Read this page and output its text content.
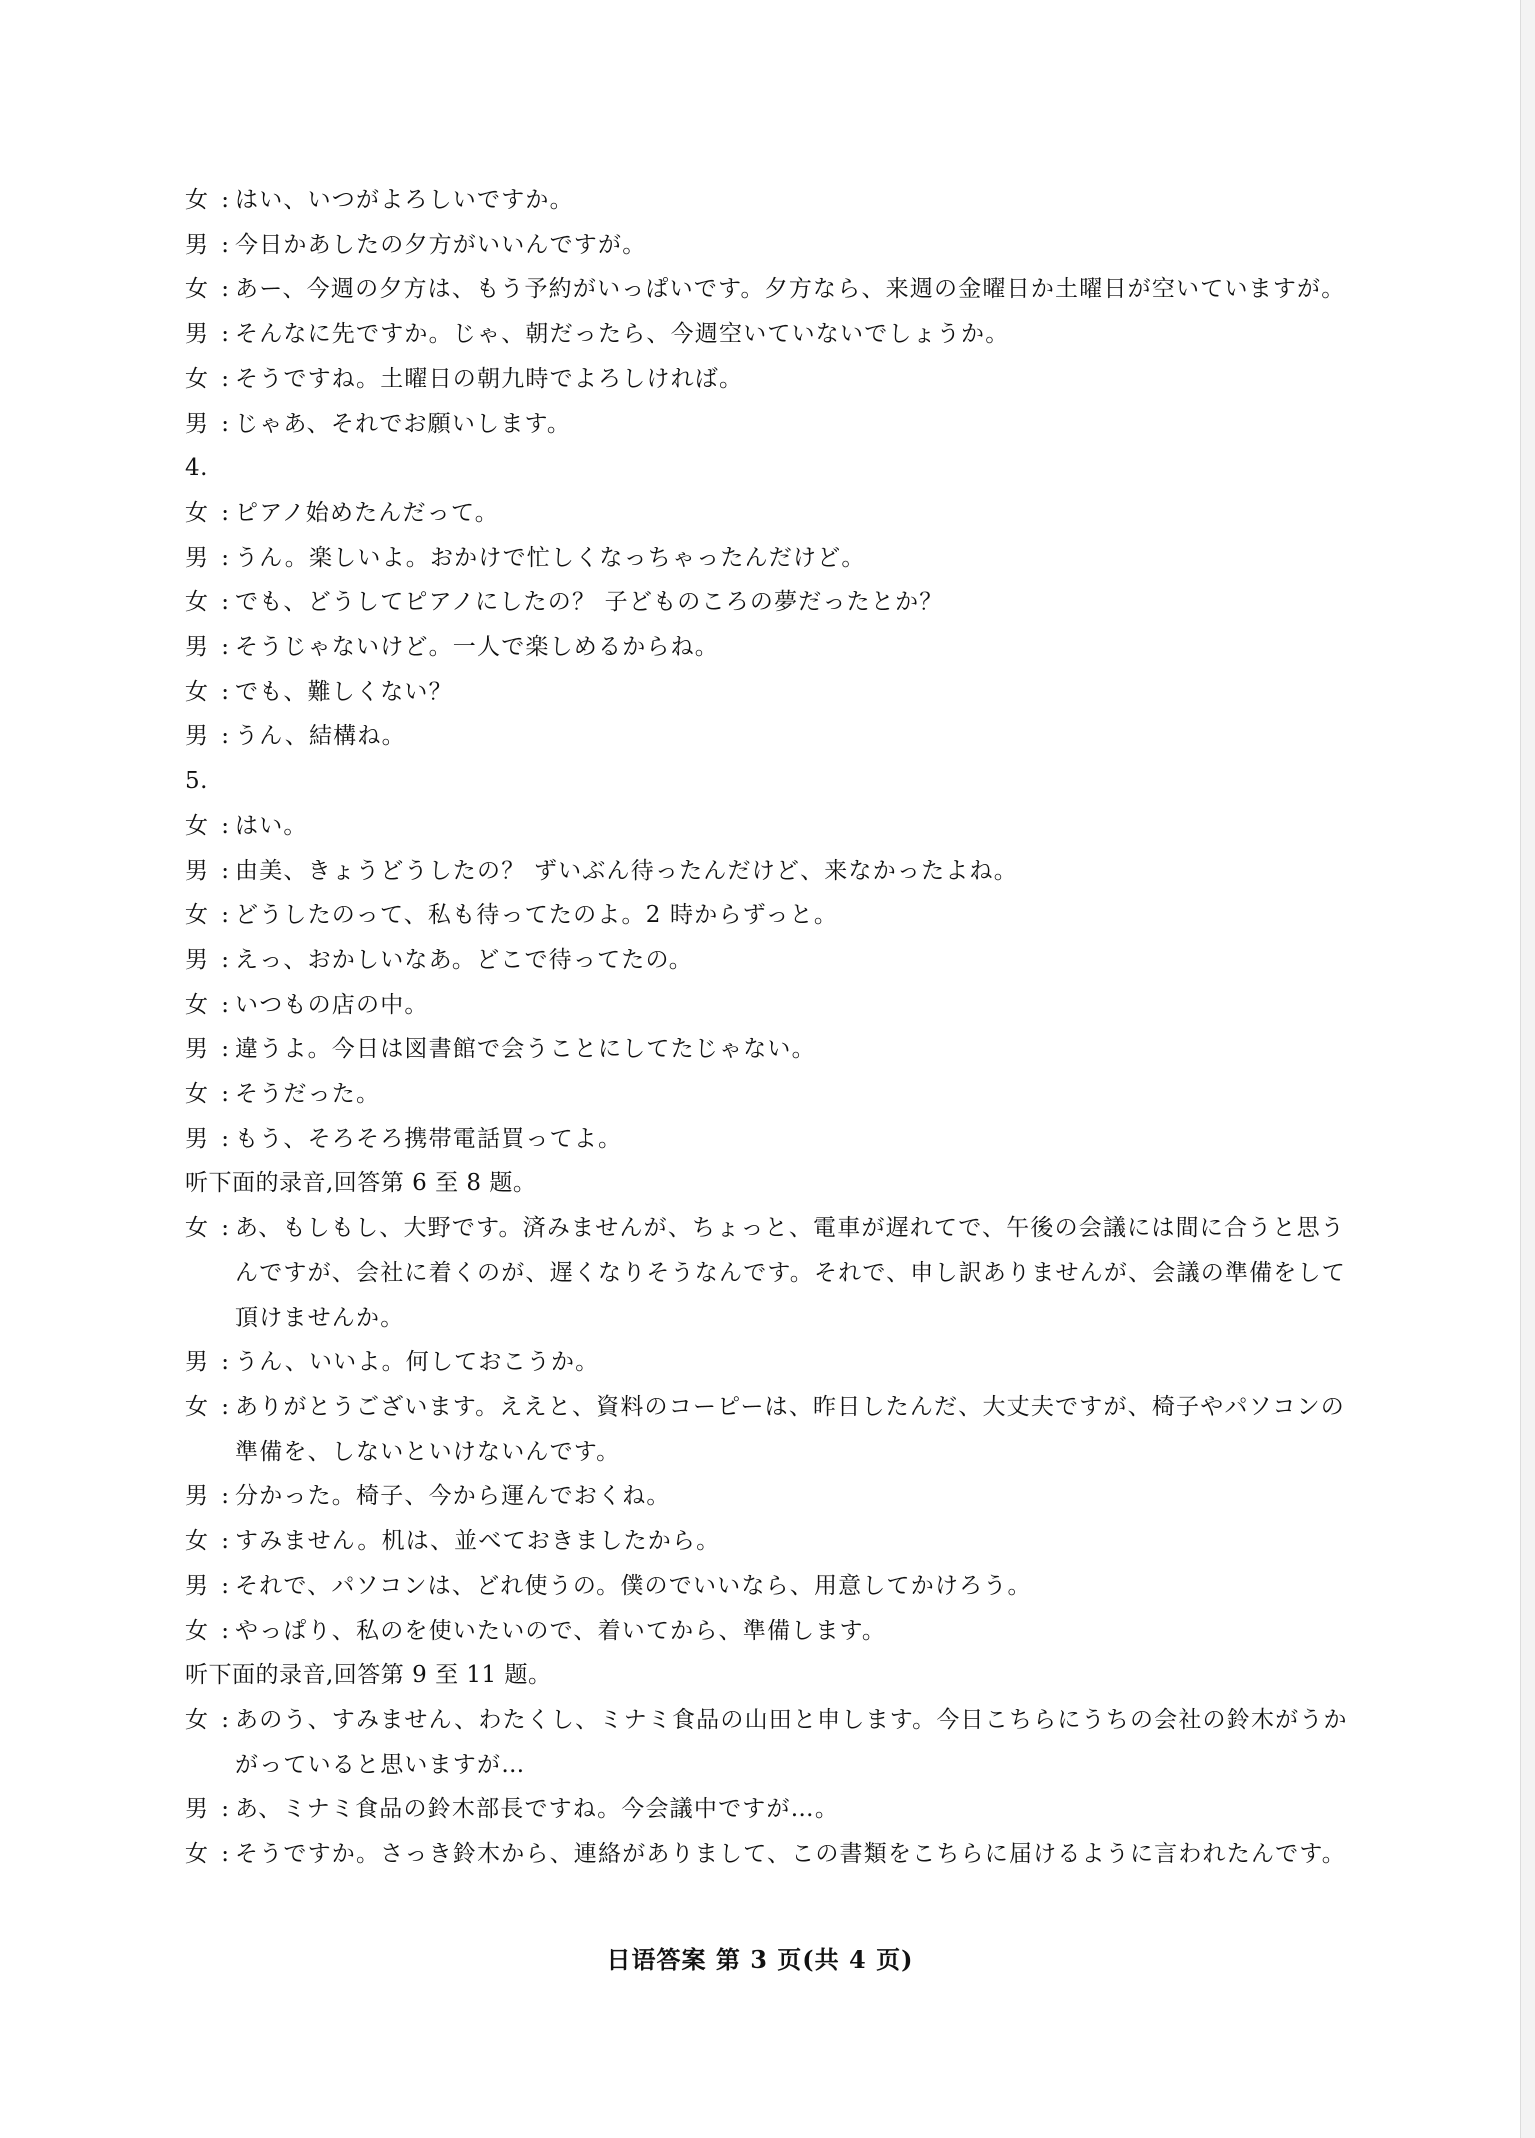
女 : はい、いつがよろしいですか。
男 : 今日かあしたの夕方がいいんですが。
女 : あー、今週の夕方は、もう予約がいっぱいです。夕方なら、来週の金曜日か土曜日が空いていますが。
男 : そんなに先ですか。じゃ、朝だったら、今週空いていないでしょうか。
女 : そうですね。土曜日の朝九時でよろしければ。
男 : じゃあ、それでお願いします。
4.
女 : ピアノ始めたんだって。
男 : うん。楽しいよ。おかけで忙しくなっちゃったんだけど。
女 : でも、どうしてピアノにしたの？ 子どものころの夢だったとか？
男 : そうじゃないけど。一人で楽しめるからね。
女 : でも、難しくない？
男 : うん、結構ね。
5.
女 : はい。
男 : 由美、きょうどうしたの？ ずいぶん待ったんだけど、来なかったよね。
女 : どうしたのって、私も待ってたのよ。2 時からずっと。
男 : えっ、おかしいなあ。どこで待ってたの。
女 : いつもの店の中。
男 : 違うよ。今日は図書館で会うことにしてたじゃない。
女 : そうだった。
男 : もう、そろそろ携帯電話買ってよ。
听下面的录音,回答第 6 至 8 题。
女 : あ、もしもし、大野です。済みませんが、ちょっと、電車が遅れてで、午後の会議には間に合うと思うんですが、会社に着くのが、遅くなりそうなんです。それで、申し訳ありませんが、会議の準備をして頂けませんか。
男 : うん、いいよ。何しておこうか。
女 : ありがとうございます。ええと、資料のコーピーは、昨日したんだ、大丈夫ですが、椅子やパソコンの準備を、しないといけないんです。
男 : 分かった。椅子、今から運んでおくね。
女 : すみません。机は、並べておきましたから。
男 : それで、パソコンは、どれ使うの。僕のでいいなら、用意してかけろう。
女 : やっぱり、私のを使いたいので、着いてから、準備します。
听下面的录音,回答第 9 至 11 题。
女 : あのう、すみません、わたくし、ミナミ食品の山田と申します。今日こちらにうちの会社の鈴木がうかがっていると思いますが…
男 : あ、ミナミ食品の鈴木部長ですね。今会議中ですが…。
女 : そうですか。さっき鈴木から、連絡がありまして、この書類をこちらに届けるように言われたんです。
日语答案 第 3 页(共 4 页)
